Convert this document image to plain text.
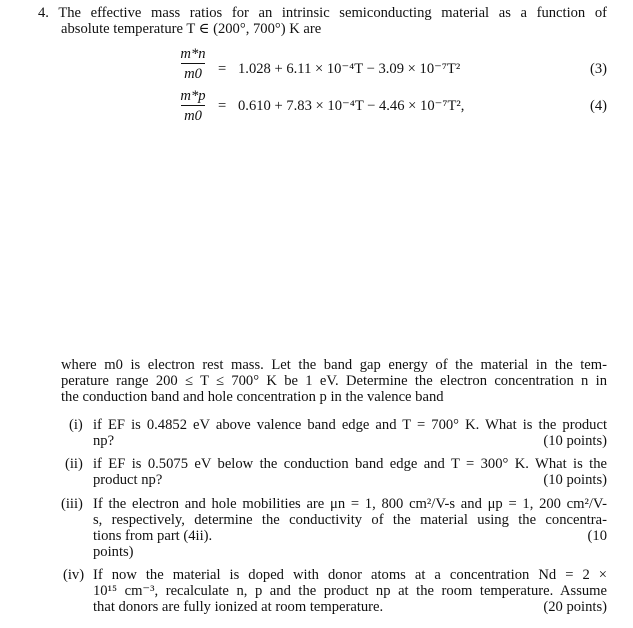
4. The effective mass ratios for an intrinsic semiconducting material as a function of
absolute temperature T ∈ (200°, 700°) K are
m*n
m0 = 1.028 + 6.11 × 10⁻⁴T − 3.09 × 10⁻⁷T²	(3)
m*p
m0
= 0.610 + 7.83 × 10⁻⁴T − 4.46 × 10⁻⁷T²,	(4)
where m0 is electron rest mass. Let the band gap energy of the material in the tem-
perature range 200 ≤ T ≤ 700° K be 1 eV. Determine the electron concentration n in
the conduction band and hole concentration p in the valence band
(i) if EF is 0.4852 eV above valence band edge and T = 700° K. What is the product
np?	(10 points)
(ii) if EF is 0.5075 eV below the conduction band edge and T = 300° K. What is the
product np?	(10 points)
(iii) If the electron and hole mobilities are μn = 1, 800 cm²/V-s and μp = 1, 200 cm²/V-
s, respectively, determine the conductivity of the material using the concentra-
tions from part (4ii).	(10
points)
(iv) If now the material is doped with donor atoms at a concentration Nd = 2 ×
10¹⁵ cm⁻³, recalculate n, p and the product np at the room temperature. Assume
that donors are fully ionized at room temperature.	(20 points)
